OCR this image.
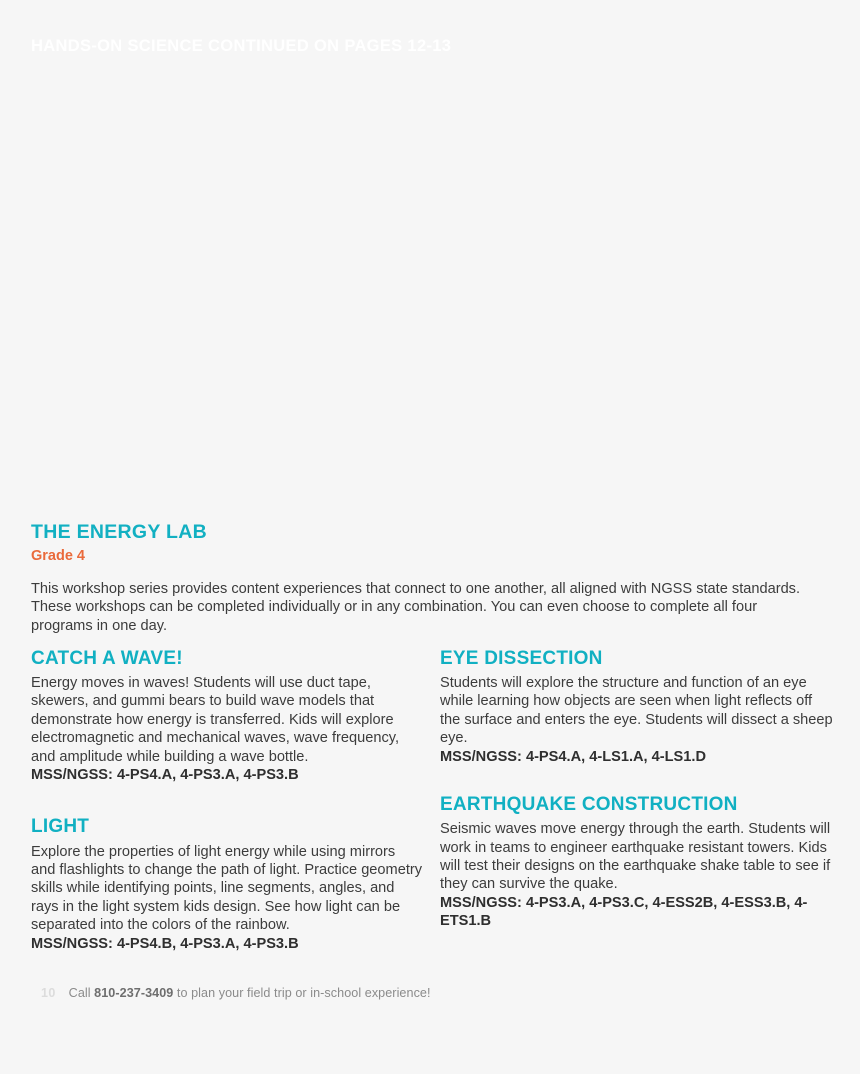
HANDS-ON SCIENCE CONTINUED ON PAGES 12-13
THE ENERGY LAB
Grade 4

This workshop series provides content experiences that connect to one another, all aligned with NGSS state standards. These workshops can be completed individually or in any combination. You can even choose to complete all four programs in one day.

CATCH A WAVE!

Energy moves in waves! Students will use duct tape, skewers, and gummi bears to build wave models that demonstrate how energy is transferred. Kids will explore electromagnetic and mechanical waves, wave frequency, and amplitude while building a wave bottle.

MSS/NGSS: 4-PS4.A, 4-PS3.A, 4-PS3.B

LIGHT

Explore the properties of light energy while using mirrors and flashlights to change the path of light. Practice geometry skills while identifying points, line segments, angles, and rays in the light system kids design. See how light can be separated into the colors of the rainbow.

MSS/NGSS: 4-PS4.B, 4-PS3.A, 4-PS3.B

EYE DISSECTION

Students will explore the structure and function of an eye while learning how objects are seen when light reflects off the surface and enters the eye. Students will dissect a sheep eye.

MSS/NGSS: 4-PS4.A, 4-LS1.A, 4-LS1.D

EARTHQUAKE CONSTRUCTION

Seismic waves move energy through the earth. Students will work in teams to engineer earthquake resistant towers. Kids will test their designs on the earthquake shake table to see if they can survive the quake.

MSS/NGSS: 4-PS3.A, 4-PS3.C, 4-ESS2B, 4-ESS3.B, 4-ETS1.B

10 Call 810-237-3409 to plan your field trip or in-school experience!
